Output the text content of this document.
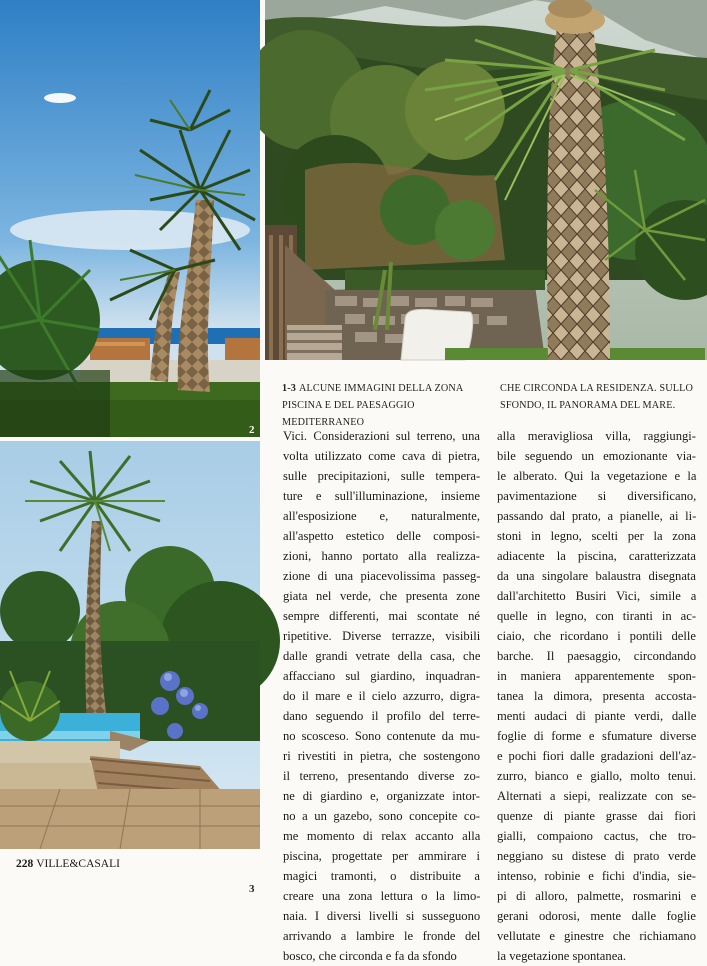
2
3
1-3 ALCUNE IMMAGINI DELLA ZONA PISCINA E DEL PAESAGGIO MEDITERRANEO
CHE CIRCONDA LA RESIDENZA. SULLO SFONDO, IL PANORAMA DEL MARE.
Vici. Considerazioni sul terreno, una
volta utilizzato come cava di pietra,
sulle precipitazioni, sulle tempera-
ture e sull'illuminazione, insieme
all'esposizione e, naturalmente,
all'aspetto estetico delle composi-
zioni, hanno portato alla realizza-
zione di una piacevolissima passeg-
giata nel verde, che presenta zone
sempre differenti, mai scontate né
ripetitive. Diverse terrazze, visibili
dalle grandi vetrate della casa, che
affacciano sul giardino, inquadran-
do il mare e il cielo azzurro, digra-
dano seguendo il profilo del terre-
no scosceso. Sono contenute da mu-
ri rivestiti in pietra, che sostengono
il terreno, presentando diverse zo-
ne di giardino e, organizzate intor-
no a un gazebo, sono concepite co-
me momento di relax accanto alla
piscina, progettate per ammirare i
magici tramonti, o distribuite a
creare una zona lettura o la limo-
naia. I diversi livelli si susseguono
arrivando a lambire le fronde del
bosco, che circonda e fa da sfondo
alla meravigliosa villa, raggiungi-
bile seguendo un emozionante via-
le alberato. Qui la vegetazione e la
pavimentazione si diversificano,
passando dal prato, a pianelle, ai li-
stoni in legno, scelti per la zona
adiacente la piscina, caratterizzata
da una singolare balaustra disegnata
dall'architetto Busiri Vici, simile a
quelle in legno, con tiranti in ac-
ciaio, che ricordano i pontili delle
barche. Il paesaggio, circondando
in maniera apparentemente spon-
tanea la dimora, presenta accosta-
menti audaci di piante verdi, dalle
foglie di forme e sfumature diverse
e pochi fiori dalle gradazioni dell'az-
zurro, bianco e giallo, molto tenui.
Alternati a siepi, realizzate con se-
quenze di piante grasse dai fiori
gialli, compaiono cactus, che tro-
neggiano su distese di prato verde
intenso, robinie e fichi d'india, sie-
pi di alloro, palmette, rosmarini e
gerani odorosi, mente dalle foglie
vellutate e ginestre che richiamano
la vegetazione spontanea.
228 VILLE&CASALI
